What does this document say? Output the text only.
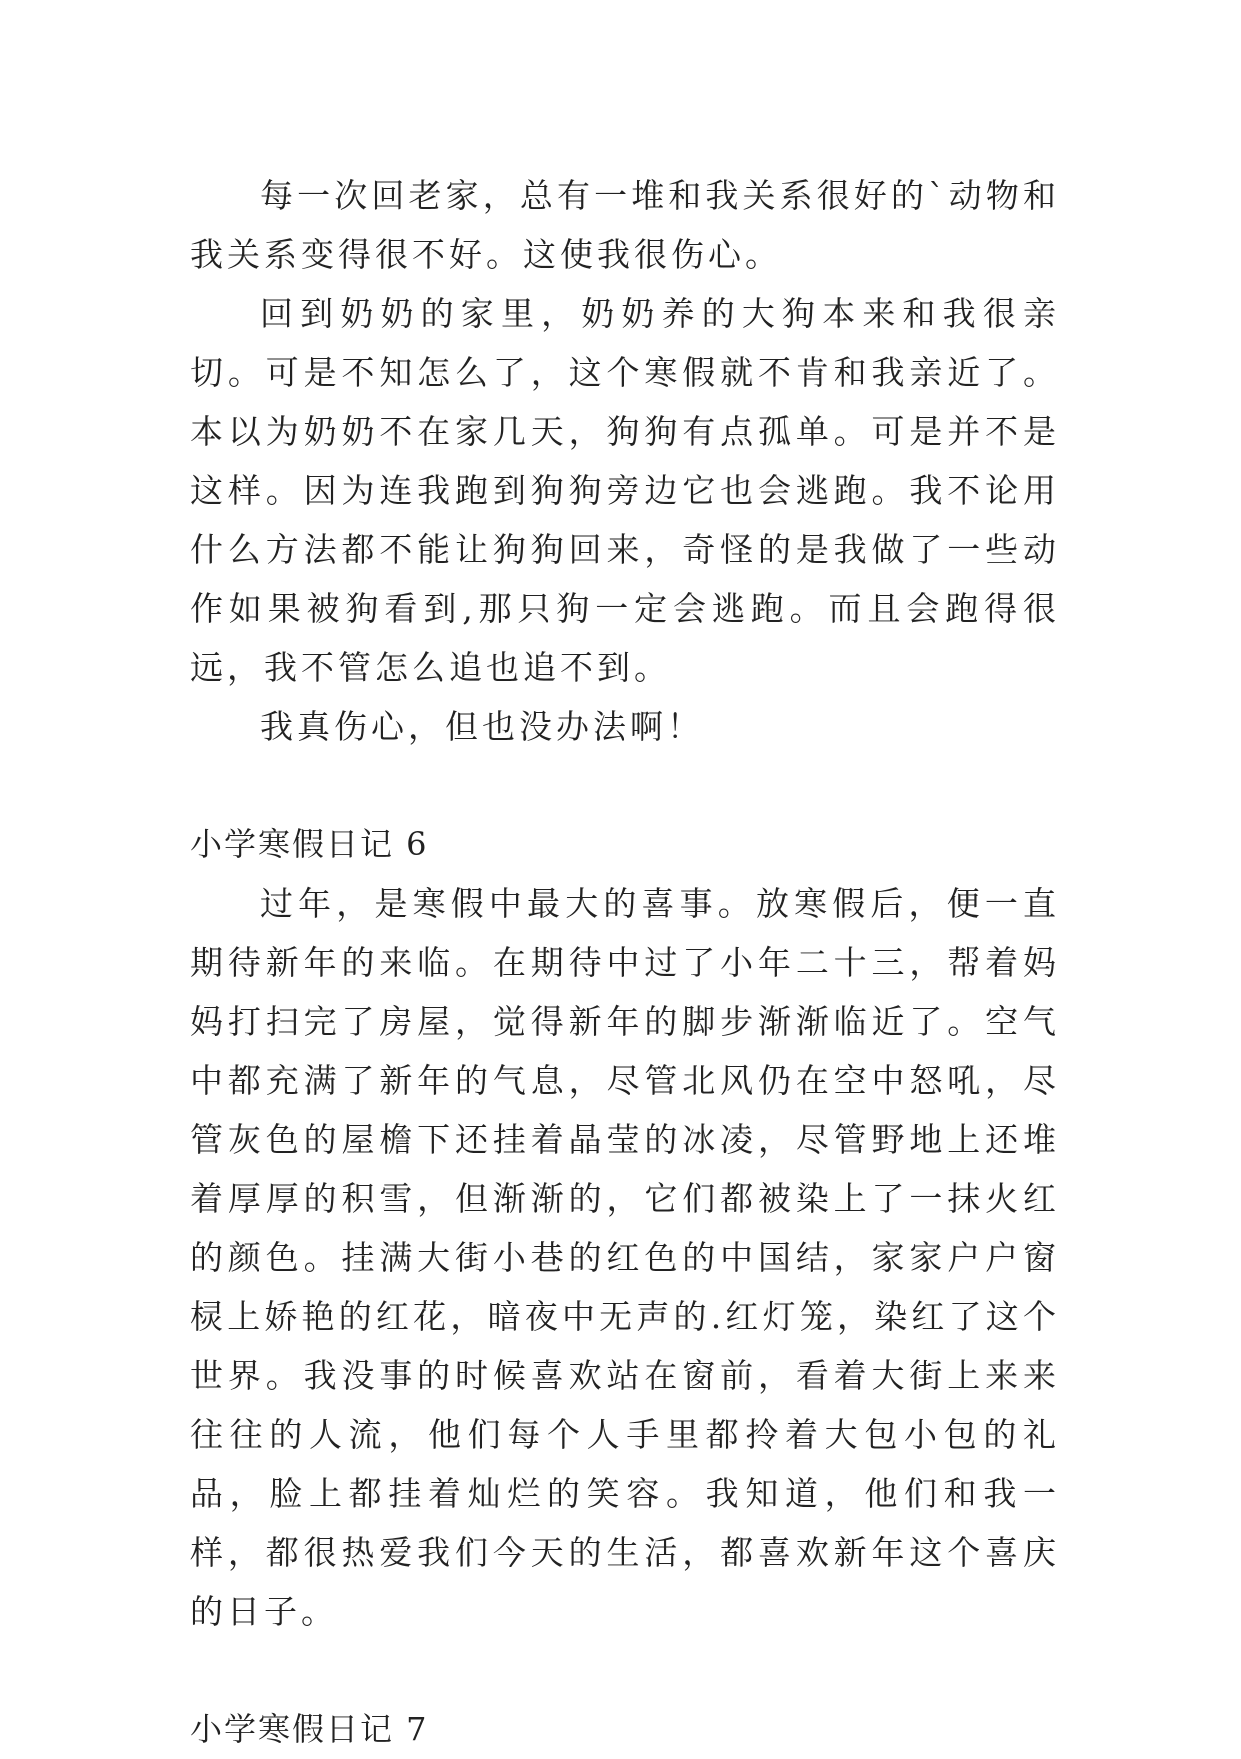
每一次回老家，总有一堆和我关系很好的`动物和我关系变得很不好。这使我很伤心。

回到奶奶的家里，奶奶养的大狗本来和我很亲切。可是不知怎么了，这个寒假就不肯和我亲近了。本以为奶奶不在家几天，狗狗有点孤单。可是并不是这样。因为连我跑到狗狗旁边它也会逃跑。我不论用什么方法都不能让狗狗回来，奇怪的是我做了一些动作如果被狗看到,那只狗一定会逃跑。而且会跑得很远，我不管怎么追也追不到。

我真伤心，但也没办法啊！

小学寒假日记 6

过年，是寒假中最大的喜事。放寒假后，便一直期待新年的来临。在期待中过了小年二十三，帮着妈妈打扫完了房屋，觉得新年的脚步渐渐临近了。空气中都充满了新年的气息，尽管北风仍在空中怒吼，尽管灰色的屋檐下还挂着晶莹的冰凌，尽管野地上还堆着厚厚的积雪，但渐渐的，它们都被染上了一抹火红的颜色。挂满大街小巷的红色的中国结，家家户户窗棂上娇艳的红花，暗夜中无声的.红灯笼，染红了这个世界。我没事的时候喜欢站在窗前，看着大街上来来往往的人流，他们每个人手里都拎着大包小包的礼品，脸上都挂着灿烂的笑容。我知道，他们和我一样，都很热爱我们今天的生活，都喜欢新年这个喜庆的日子。

小学寒假日记 7
